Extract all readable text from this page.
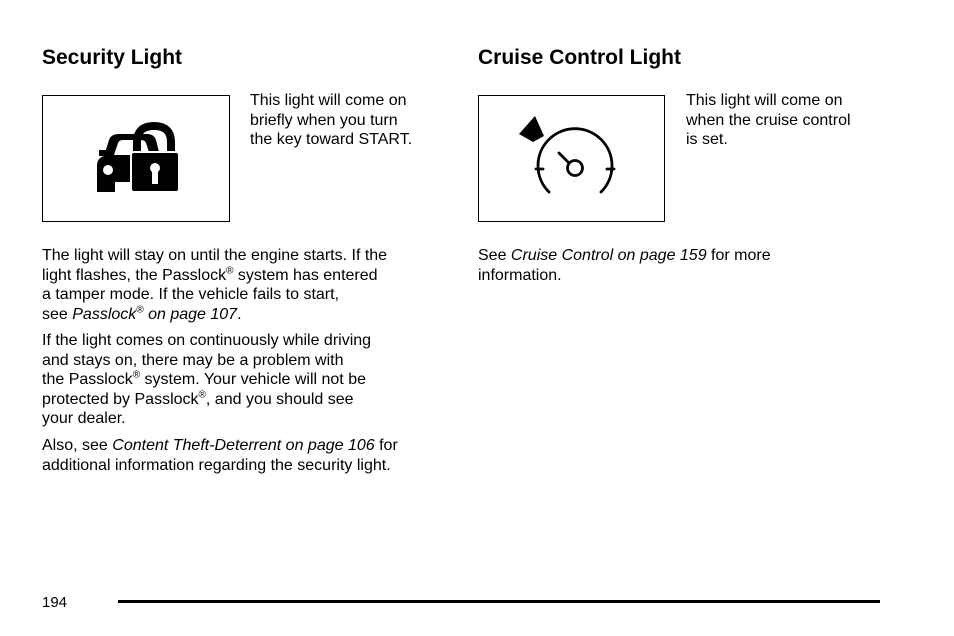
Security Light
This light will come on
briefly when you turn
the key toward START.
The light will stay on until the engine starts. If the
light flashes, the Passlock® system has entered
a tamper mode. If the vehicle fails to start,
see Passlock® on page 107.
If the light comes on continuously while driving
and stays on, there may be a problem with
the Passlock® system. Your vehicle will not be
protected by Passlock®, and you should see
your dealer.
Also, see Content Theft-Deterrent on page 106 for
additional information regarding the security light.
Cruise Control Light
This light will come on
when the cruise control
is set.
See Cruise Control on page 159 for more
information.
194
